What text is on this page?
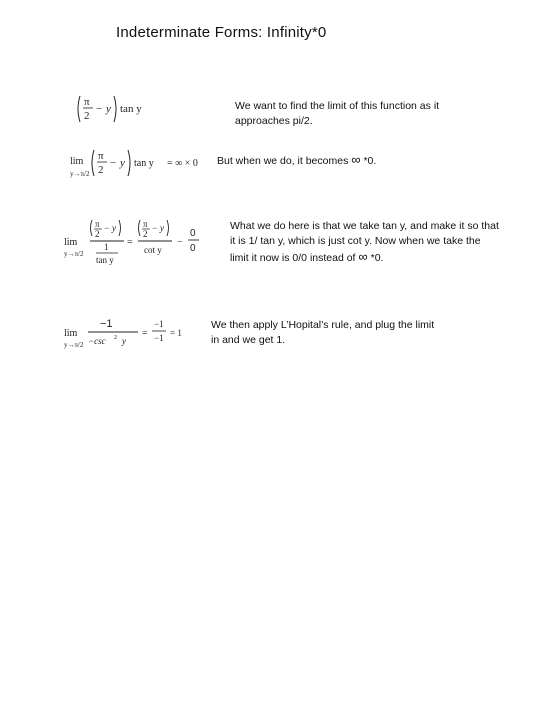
Indeterminate Forms: Infinity*0
π
2
− y tan y	We want to find the limit of this function as it approaches pi/2.
lim
y→π/2
π
2
− y tan y = ∞ × 0 But when we do, it becomes ∞ *0.
lim
y→π/2
π
2
− y
1
tan y
=
π
2
− y
cot y
−
0
0
What we do here is that we take tan y, and make it so that
it is 1/ tan y, which is just cot y. Now when we take the
limit it now is 0/0 instead of ∞ *0.
lim
y→π/2
−1
−csc 2 y
=
−1
−1 = 1
We then apply L’Hopital’s rule, and plug the limit
in and we get 1.
